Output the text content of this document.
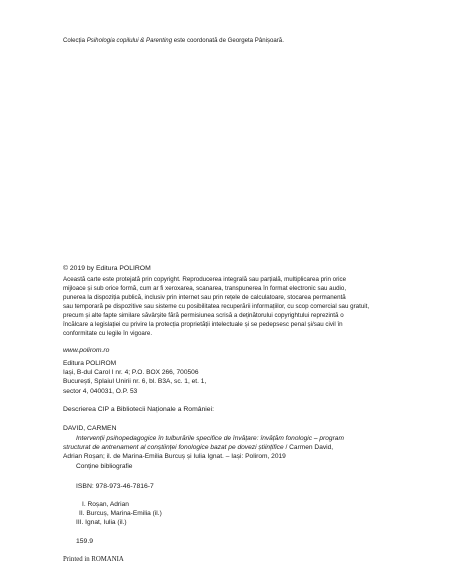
Colecția Psihologia copilului & Parenting este coordonată de Georgeta Pânișoară.

© 2019 by Editura POLIROM

Această carte este protejată prin copyright. Reproducerea integrală sau parțială, multiplicarea prin orice
mijloace și sub orice formă, cum ar fi xeroxarea, scanarea, transpunerea în format electronic sau audio,
punerea la dispoziția publică, inclusiv prin internet sau prin rețele de calculatoare, stocarea permanentă
sau temporară pe dispozitive sau sisteme cu posibilitatea recuperării informațiilor, cu scop comercial sau gratuit,
precum și alte fapte similare săvârșite fără permisiunea scrisă a deținătorului copyrightului reprezintă o
încălcare a legislației cu privire la protecția proprietății intelectuale și se pedepsesc penal și/sau civil în
conformitate cu legile în vigoare.

www.polirom.ro

Editura POLIROM
Iași, B-dul Carol I nr. 4; P.O. BOX 266, 700506
București, Splaiul Unirii nr. 6, bl. B3A, sc. 1, et. 1,
sector 4, 040031, O.P. 53

Descrierea CIP a Bibliotecii Naționale a României:

DAVID, CARMEN

Intervenții psihopedagogice în tulburările specifice de învățare: învățăm fonologic – program
structurat de antrenament al conștiinței fonologice bazat pe dovezi științifice / Carmen David,
Adrian Roșan; il. de Marina-Emilia Burcuș și Iulia Ignat. – Iași: Polirom, 2019
Conține bibliografie

ISBN: 978-973-46-7816-7

I. Roșan, Adrian
II. Burcuș, Marina-Emilia (il.)
III. Ignat, Iulia (il.)

159.9

Printed in ROMANIA
